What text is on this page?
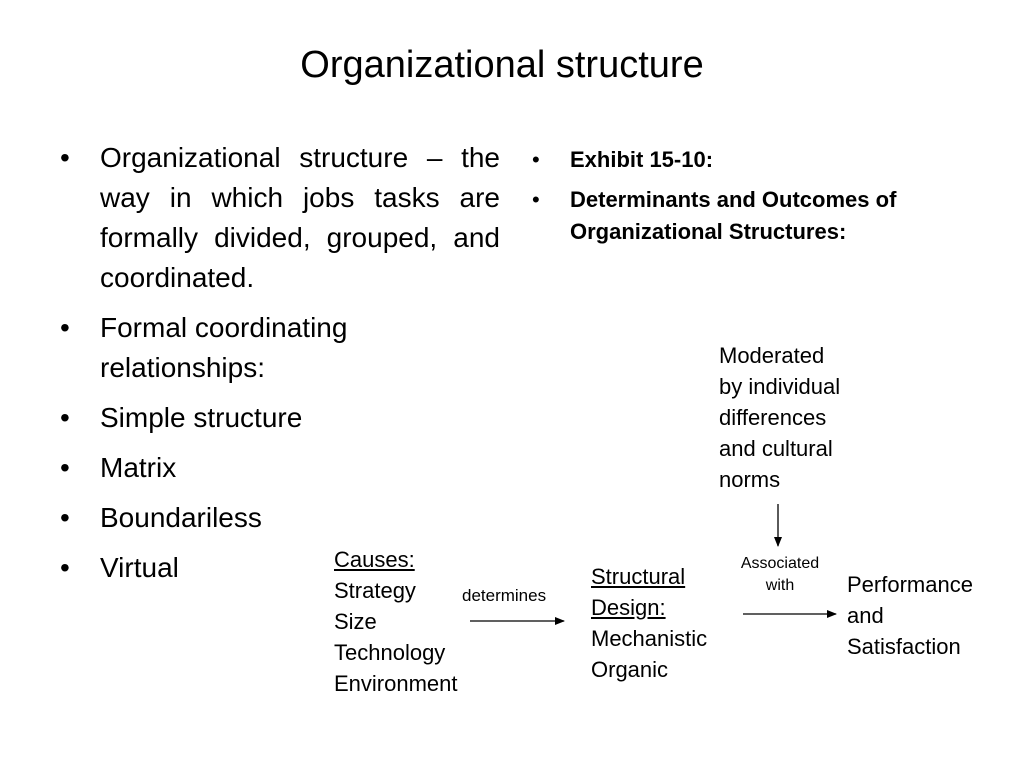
Organizational structure
• Organizational structure – the way in which jobs tasks are formally divided, grouped, and coordinated.
• Formal coordinating relationships:
• Simple structure
• Matrix
• Boundariless
• Virtual
• Exhibit 15-10:
• Determinants and Outcomes of Organizational Structures:
Causes:
Strategy
Size
Technology
Environment
determines
Structural
Design:
Mechanistic
Organic
Moderated
by individual
differences
and cultural
norms
Associated
with	Performance
and
Satisfaction
